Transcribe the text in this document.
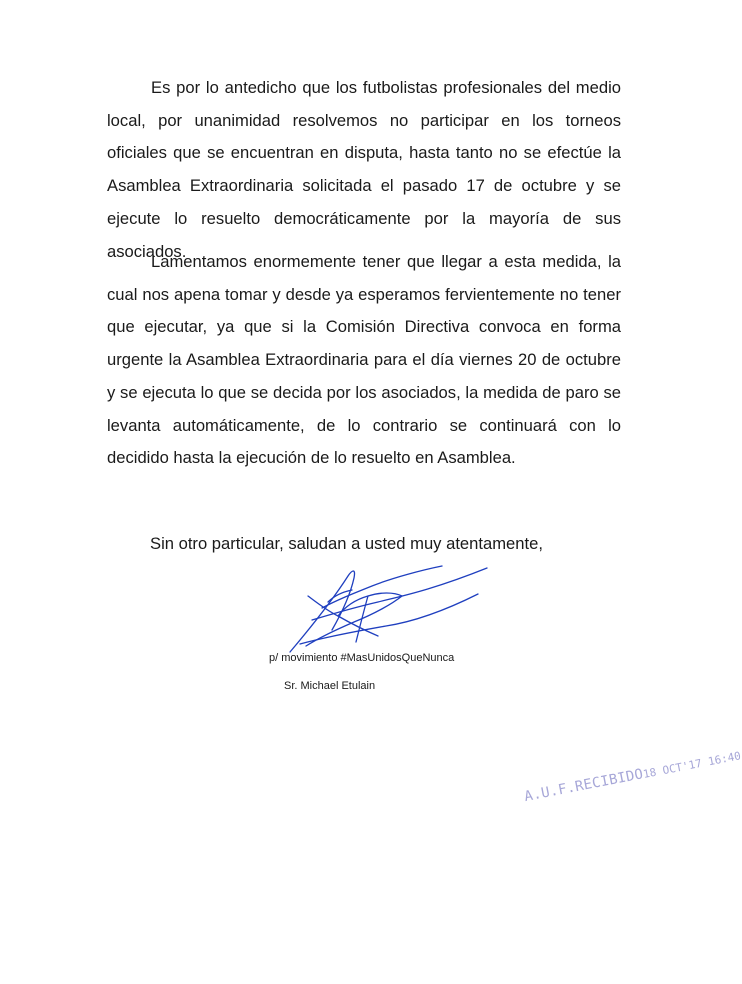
Es por lo antedicho que los futbolistas profesionales del medio local, por unanimidad resolvemos no participar en los torneos oficiales que se encuentran en disputa, hasta tanto no se efectúe la Asamblea Extraordinaria solicitada el pasado 17 de octubre y se ejecute lo resuelto democráticamente por la mayoría de sus asociados.

Lamentamos enormemente tener que llegar a esta medida, la cual nos apena tomar y desde ya esperamos fervientemente no tener que ejecutar, ya que si la Comisión Directiva convoca en forma urgente la Asamblea Extraordinaria para el día viernes 20 de octubre y se ejecuta lo que se decida por los asociados, la medida de paro se levanta automáticamente, de lo contrario se continuará con lo decidido hasta la ejecución de lo resuelto en Asamblea.

Sin otro particular, saludan a usted muy atentamente,

p/ movimiento #MasUnidosQueNunca

Sr. Michael Etulain

A.U.F.RECIBIDO18 OCT'17 16:40
